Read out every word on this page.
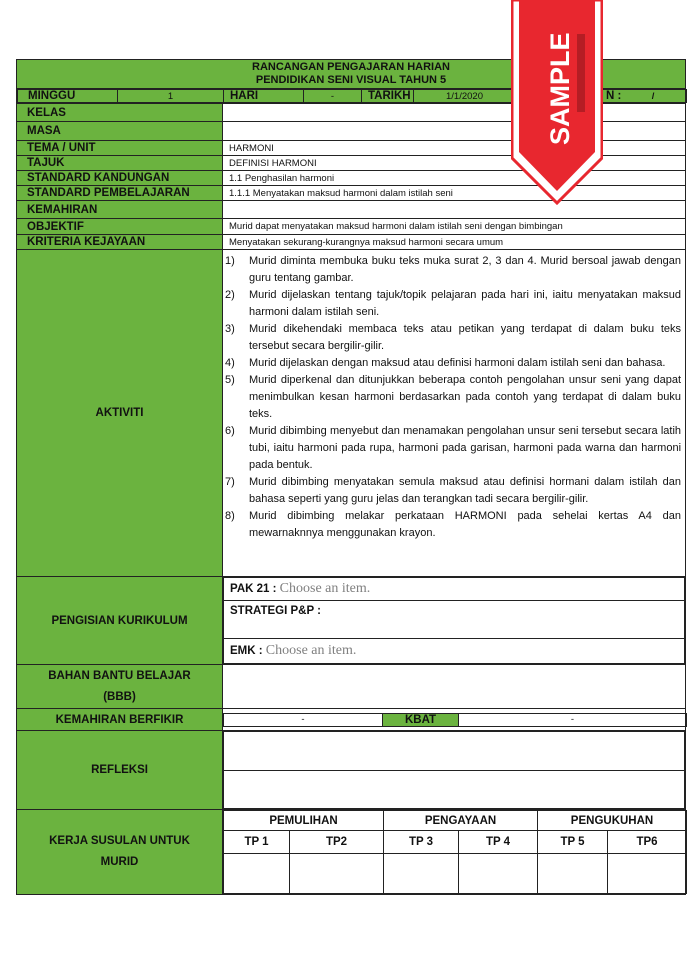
RANCANGAN PENGAJARAN HARIAN
PENDIDIKAN SENI VISUAL TAHUN 5

MINGGU	1	HARI	-	TARIKH	1/1/2020	N :	/

KELAS	
MASA	
TEMA / UNIT	HARMONI
TAJUK	DEFINISI HARMONI
STANDARD KANDUNGAN	1.1 Penghasilan harmoni
STANDARD PEMBELAJARAN	1.1.1 Menyatakan maksud harmoni dalam istilah seni
KEMAHIRAN	
OBJEKTIF	Murid dapat menyatakan maksud harmoni dalam istilah seni dengan bimbingan
KRITERIA KEJAYAAN	Menyatakan sekurang-kurangnya maksud harmoni secara umum
AKTIVITI	
1)	Murid diminta membuka buku teks muka surat 2, 3 dan 4. Murid bersoal jawab dengan guru tentang gambar.
2)	Murid dijelaskan tentang tajuk/topik pelajaran pada hari ini, iaitu menyatakan maksud harmoni dalam istilah seni.
3)	Murid dikehendaki membaca teks atau petikan yang terdapat di dalam buku teks tersebut secara bergilir-gilir.
4)	Murid dijelaskan dengan maksud atau definisi harmoni dalam istilah seni dan bahasa.
5)	Murid diperkenal dan ditunjukkan beberapa contoh pengolahan unsur seni yang dapat menimbulkan kesan harmoni berdasarkan pada contoh yang terdapat di dalam buku teks.
6)	Murid dibimbing menyebut dan menamakan pengolahan unsur seni tersebut secara latih tubi, iaitu harmoni pada rupa, harmoni pada garisan, harmoni pada warna dan harmoni pada bentuk.
7)	Murid dibimbing menyatakan semula maksud atau definisi hormani dalam istilah dan bahasa seperti yang guru jelas dan terangkan tadi secara bergilir-gilir.
8)	Murid dibimbing melakar perkataan HARMONI pada sehelai kertas A4 dan mewarnaknnya menggunakan krayon.

PENGISIAN KURIKULUM	
PAK 21 : Choose an item.
STRATEGI P&P :
EMK : Choose an item.

BAHAN BANTU BELAJAR
(BBB)

KEMAHIRAN BERFIKIR		-	KBAT	-

REFLEKSI	

KERJA SUSULAN UNTUK
MURID

PEMULIHAN	PENGAYAAN	PENGUKUHAN
TP 1	TP2	TP 3	TP 4	TP 5	TP6

SAMPLE
